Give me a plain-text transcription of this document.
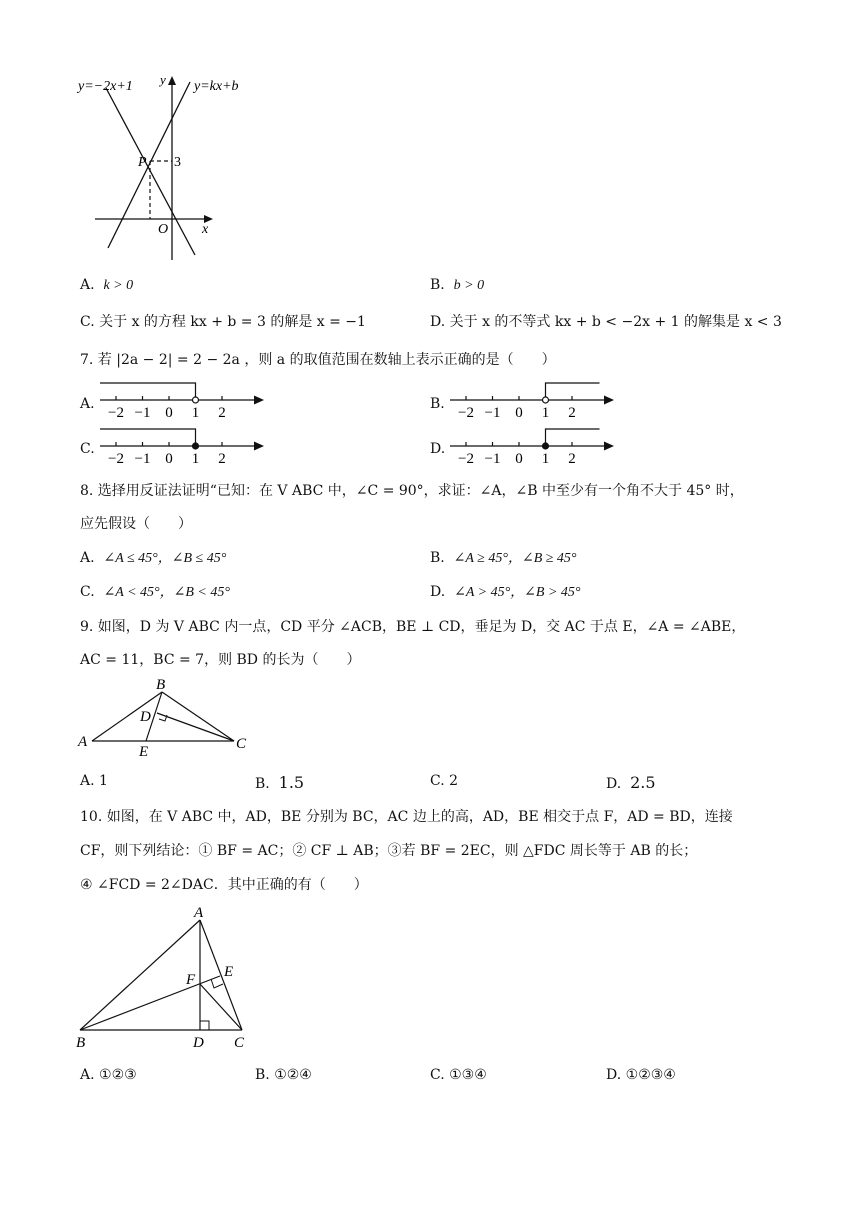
y=−2x+1	y=kx+b
y
x
O
P 3
A. k > 0	B. b > 0
C. 关于 x 的方程 kx + b = 3 的解是 x = −1	D. 关于 x 的不等式 kx + b < −2x + 1 的解集是 x < 3
7. 若 |2a − 2| = 2 − 2a ，则 a 的取值范围在数轴上表示正确的是（　　）
A.	B.
C.	D.
−2 −1 0 1 2	−2 −1 0 1 2
−2 −1 0 1 2	−2 −1 0 1 2
8. 选择用反证法证明“已知：在 V ABC 中，∠C = 90°，求证：∠A，∠B 中至少有一个角不大于 45° 时，
应先假设（　　）
A. ∠A ≤ 45°，∠B ≤ 45°	B. ∠A ≥ 45°，∠B ≥ 45°
C. ∠A < 45°，∠B < 45°	D. ∠A > 45°，∠B > 45°
9. 如图，D 为 V ABC 内一点，CD 平分 ∠ACB，BE ⊥ CD，垂足为 D，交 AC 于点 E，∠A = ∠ABE，
AC = 11，BC = 7，则 BD 的长为（　　）
A
B
C
D
E
A. 1	B. 1.5	C. 2	D. 2.5
10. 如图，在 V ABC 中，AD，BE 分别为 BC，AC 边上的高，AD，BE 相交于点 F，AD = BD，连接
CF，则下列结论：① BF = AC；② CF ⊥ AB；③若 BF = 2EC，则 △FDC 周长等于 AB 的长；
④ ∠FCD = 2∠DAC．其中正确的有（　　）
A
B	C
D
E
F
A. ①②③	B. ①②④	C. ①③④	D. ①②③④
